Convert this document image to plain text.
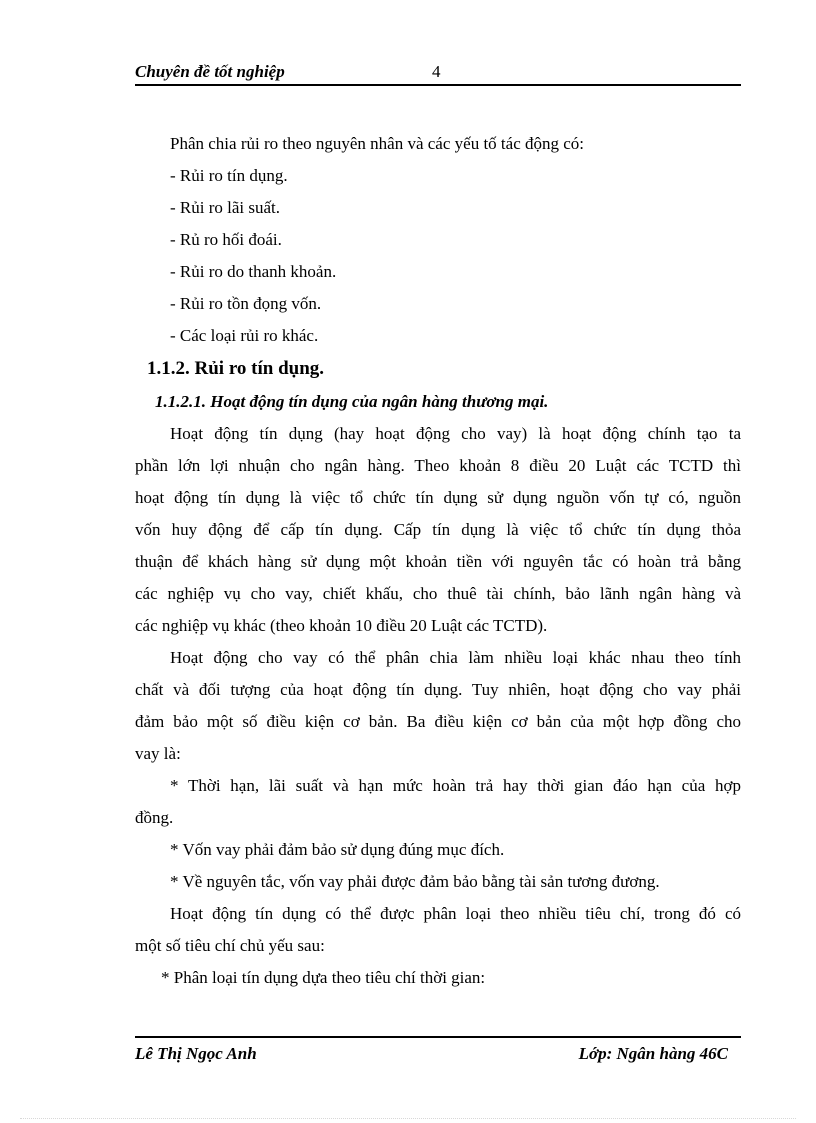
Chuyên đề tốt nghiệp	4
Phân chia rủi ro theo nguyên nhân và các yếu tố tác động có:
- Rủi ro tín dụng.
- Rủi ro lãi suất.
- Rủ ro hối đoái.
- Rủi ro do thanh khoản.
- Rủi ro tồn đọng vốn.
- Các loại rủi ro khác.
1.1.2. Rủi ro tín dụng.
1.1.2.1. Hoạt động tín dụng của ngân hàng thương mại.
Hoạt động tín dụng (hay hoạt động cho vay) là hoạt động chính tạo ta
phần lớn lợi nhuận cho ngân hàng. Theo khoản 8 điều 20 Luật các TCTD thì
hoạt động tín dụng là việc tổ chức tín dụng sử dụng nguồn vốn tự có, nguồn
vốn huy động để cấp tín dụng. Cấp tín dụng là việc tổ chức tín dụng thỏa
thuận để khách hàng sử dụng một khoản tiền với nguyên tắc có hoàn trả bằng
các nghiệp vụ cho vay, chiết khấu, cho thuê tài chính, bảo lãnh ngân hàng và
các nghiệp vụ khác (theo khoản 10 điều 20 Luật các TCTD).
Hoạt động cho vay có thể phân chia làm nhiều loại khác nhau theo tính
chất và đối tượng của hoạt động tín dụng. Tuy nhiên, hoạt động cho vay phải
đảm bảo một số điều kiện cơ bản. Ba điều kiện cơ bản của một hợp đồng cho
vay là:
* Thời hạn, lãi suất và hạn mức hoàn trả hay thời gian đáo hạn của hợp
đồng.
* Vốn vay phải đảm bảo sử dụng đúng mục đích.
* Về nguyên tắc, vốn vay phải được đảm bảo bằng tài sản tương đương.
Hoạt động tín dụng có thể được phân loại theo nhiều tiêu chí, trong đó có
một số tiêu chí chủ yếu sau:
* Phân loại tín dụng dựa theo tiêu chí thời gian:
Lê Thị Ngọc Anh	Lớp: Ngân hàng 46C
